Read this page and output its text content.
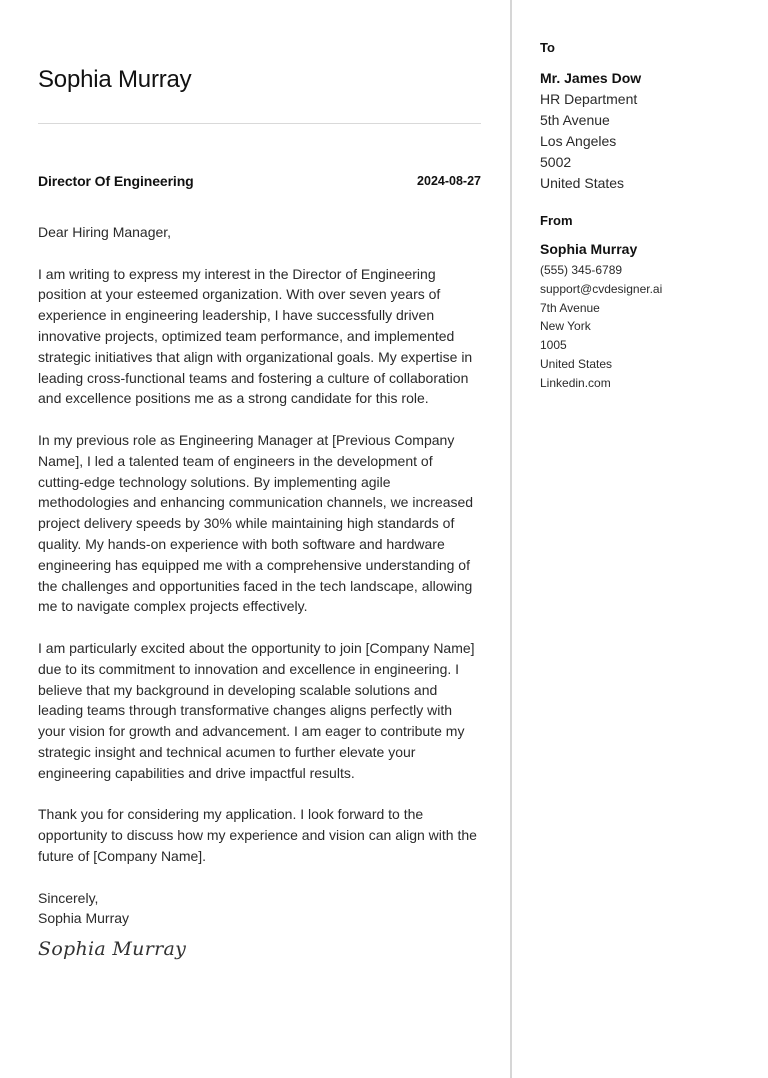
Sophia Murray
Director Of Engineering	2024-08-27

Dear Hiring Manager,

I am writing to express my interest in the Director of Engineering position at your esteemed organization. With over seven years of experience in engineering leadership, I have successfully driven innovative projects, optimized team performance, and implemented strategic initiatives that align with organizational goals. My expertise in leading cross-functional teams and fostering a culture of collaboration and excellence positions me as a strong candidate for this role.

In my previous role as Engineering Manager at [Previous Company Name], I led a talented team of engineers in the development of cutting-edge technology solutions. By implementing agile methodologies and enhancing communication channels, we increased project delivery speeds by 30% while maintaining high standards of quality. My hands-on experience with both software and hardware engineering has equipped me with a comprehensive understanding of the challenges and opportunities faced in the tech landscape, allowing me to navigate complex projects effectively.

I am particularly excited about the opportunity to join [Company Name] due to its commitment to innovation and excellence in engineering. I believe that my background in developing scalable solutions and leading teams through transformative changes aligns perfectly with your vision for growth and advancement. I am eager to contribute my strategic insight and technical acumen to further elevate your engineering capabilities and drive impactful results.

Thank you for considering my application. I look forward to the opportunity to discuss how my experience and vision can align with the future of [Company Name].

Sincerely,
Sophia Murray
Sophia Murray
To
Mr. James Dow
HR Department
5th Avenue
Los Angeles
5002
United States
From
Sophia Murray
(555) 345-6789
support@cvdesigner.ai
7th Avenue
New York
1005
United States
Linkedin.com
